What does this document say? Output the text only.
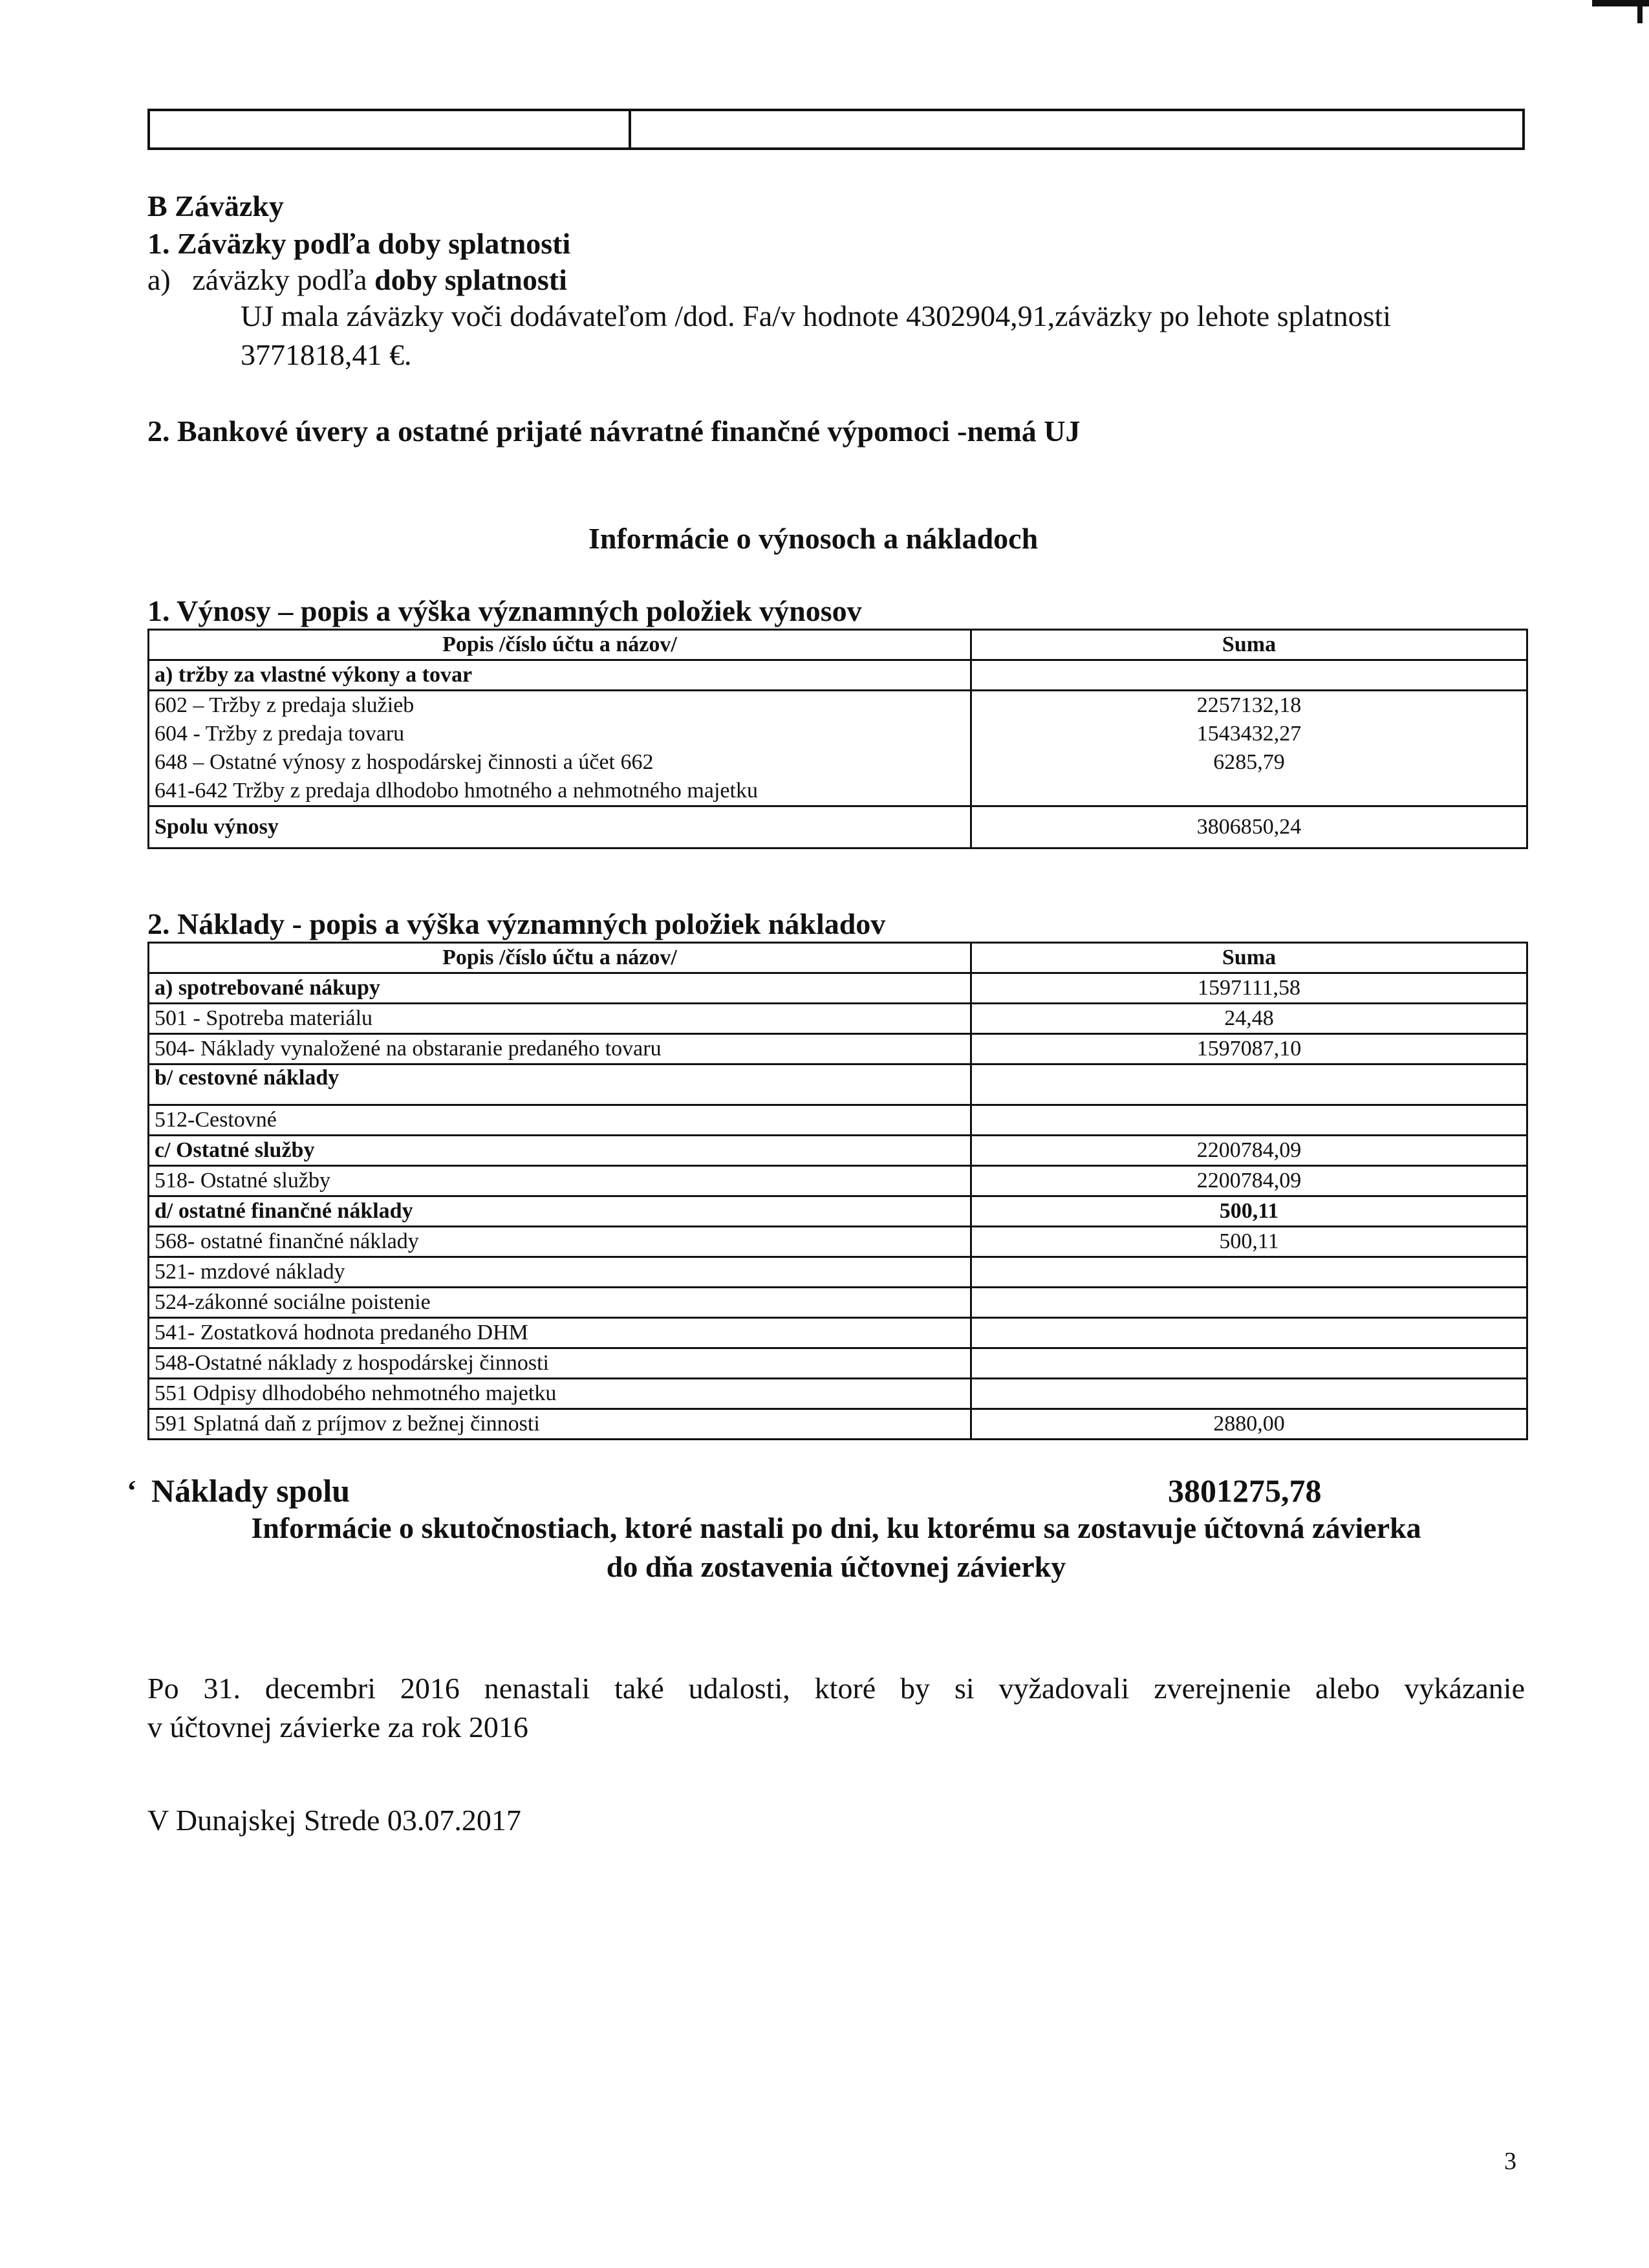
B Záväzky
1. Záväzky podľa doby splatnosti
a) záväzky podľa doby splatnosti
UJ mala záväzky voči dodávateľom /dod. Fa/v hodnote 4302904,91,záväzky po lehote splatnosti
3771818,41 €.
2. Bankové úvery a ostatné prijaté návratné finančné výpomoci -nemá UJ
Informácie o výnosoch a nákladoch
1. Výnosy – popis a výška významných položiek výnosov
Popis /číslo účtu a názov/	Suma
a) tržby za vlastné výkony a tovar	
602 – Tržby z predaja služieb	2257132,18
604 - Tržby z predaja tovaru	1543432,27
648 – Ostatné výnosy z hospodárskej činnosti a účet 662	6285,79
641-642 Tržby z predaja dlhodobo hmotného a nehmotného majetku	
Spolu výnosy	3806850,24
2. Náklady - popis a výška významných položiek nákladov
Popis /číslo účtu a názov/	Suma
a) spotrebované nákupy	1597111,58
501 - Spotreba materiálu	24,48
504- Náklady vynaložené na obstaranie predaného tovaru	1597087,10
b/ cestovné náklady	
512-Cestovné	
c/ Ostatné služby	2200784,09
518- Ostatné služby	2200784,09
d/ ostatné finančné náklady	500,11
568- ostatné finančné náklady	500,11
521- mzdové náklady	
524-zákonné sociálne poistenie	
541- Zostatková hodnota predaného DHM	
548-Ostatné náklady z hospodárskej činnosti	
551 Odpisy dlhodobého nehmotného majetku	
591 Splatná daň z príjmov z bežnej činnosti	2880,00
‘ Náklady spolu	3801275,78
Informácie o skutočnostiach, ktoré nastali po dni, ku ktorému sa zostavuje účtovná závierka
do dňa zostavenia účtovnej závierky
Po 31. decembri 2016 nenastali také udalosti, ktoré by si vyžadovali zverejnenie alebo vykázanie
v účtovnej závierke za rok 2016
V Dunajskej Strede 03.07.2017
3
